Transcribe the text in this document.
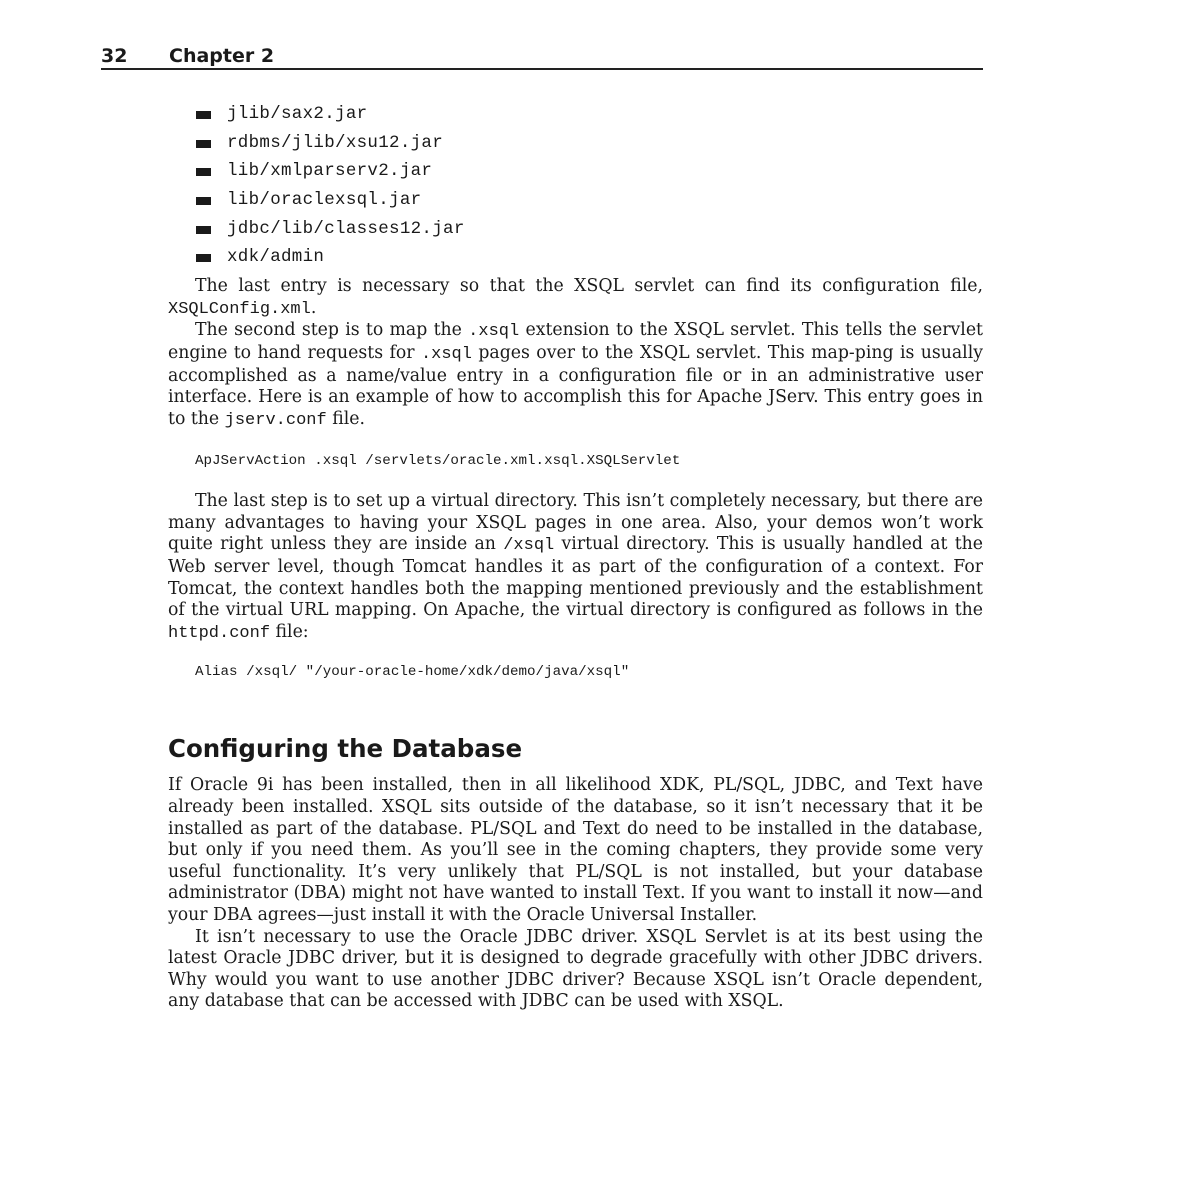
32 Chapter 2
jlib/sax2.jar
rdbms/jlib/xsu12.jar
lib/xmlparserv2.jar
lib/oraclexsql.jar
jdbc/lib/classes12.jar
xdk/admin

The last entry is necessary so that the XSQL servlet can find its configuration file, XSQLConfig.xml.

The second step is to map the .xsql extension to the XSQL servlet. This tells the servlet engine to hand requests for .xsql pages over to the XSQL servlet. This map-ping is usually accomplished as a name/value entry in a configuration file or in an administrative user interface. Here is an example of how to accomplish this for Apache JServ. This entry goes in to the jserv.conf file.

ApJServAction .xsql /servlets/oracle.xml.xsql.XSQLServlet

The last step is to set up a virtual directory. This isn’t completely necessary, but there are many advantages to having your XSQL pages in one area. Also, your demos won’t work quite right unless they are inside an /xsql virtual directory. This is usually handled at the Web server level, though Tomcat handles it as part of the configuration of a context. For Tomcat, the context handles both the mapping mentioned previously and the establishment of the virtual URL mapping. On Apache, the virtual directory is configured as follows in the httpd.conf file:

Alias /xsql/ "/your-oracle-home/xdk/demo/java/xsql"
Configuring the Database

If Oracle 9i has been installed, then in all likelihood XDK, PL/SQL, JDBC, and Text have already been installed. XSQL sits outside of the database, so it isn’t necessary that it be installed as part of the database. PL/SQL and Text do need to be installed in the database, but only if you need them. As you’ll see in the coming chapters, they provide some very useful functionality. It’s very unlikely that PL/SQL is not installed, but your database administrator (DBA) might not have wanted to install Text. If you want to install it now—and your DBA agrees—just install it with the Oracle Universal Installer.

It isn’t necessary to use the Oracle JDBC driver. XSQL Servlet is at its best using the latest Oracle JDBC driver, but it is designed to degrade gracefully with other JDBC drivers. Why would you want to use another JDBC driver? Because XSQL isn’t Oracle dependent, any database that can be accessed with JDBC can be used with XSQL.
